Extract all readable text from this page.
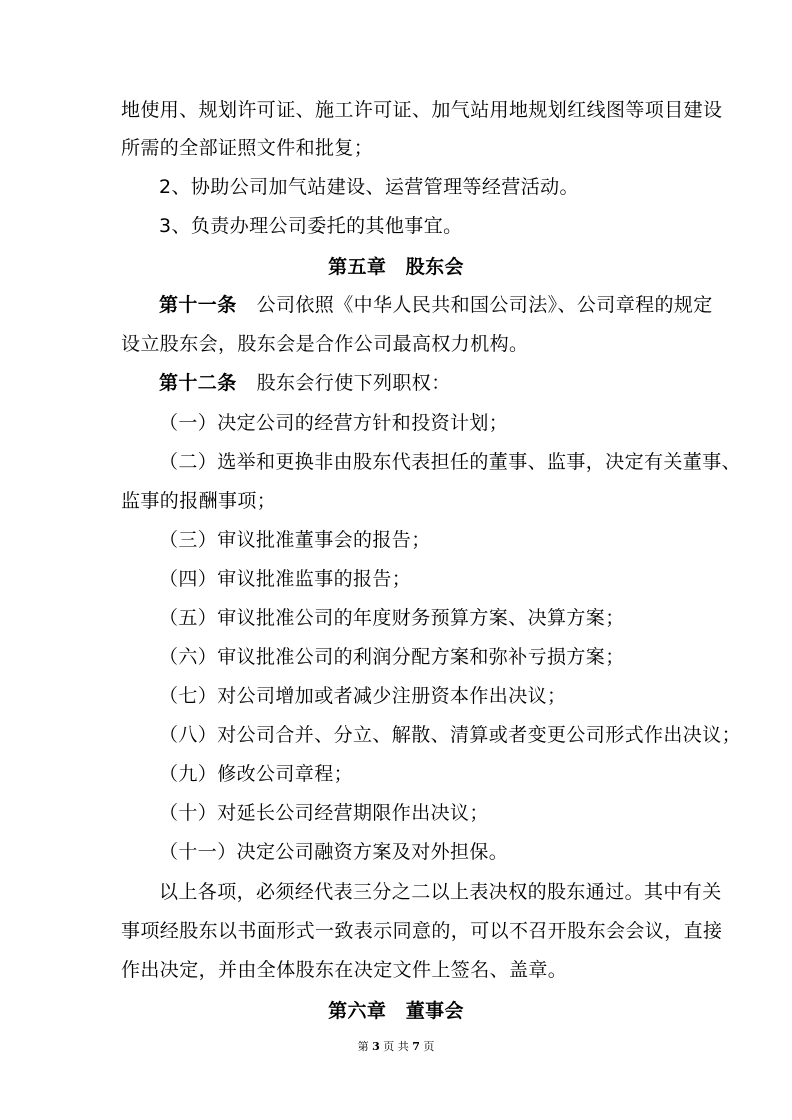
地使用、规划许可证、施工许可证、加气站用地规划红线图等项目建设
所需的全部证照文件和批复；
2、协助公司加气站建设、运营管理等经营活动。
3、负责办理公司委托的其他事宜。
第五章　股东会
第十一条 公司依照《中华人民共和国公司法》、公司章程的规定
设立股东会，股东会是合作公司最高权力机构。
第十二条 股东会行使下列职权：
（一）决定公司的经营方针和投资计划；
（二）选举和更换非由股东代表担任的董事、监事，决定有关董事、
监事的报酬事项；
（三）审议批准董事会的报告；
（四）审议批准监事的报告；
（五）审议批准公司的年度财务预算方案、决算方案；
（六）审议批准公司的利润分配方案和弥补亏损方案；
（七）对公司增加或者减少注册资本作出决议；
（八）对公司合并、分立、解散、清算或者变更公司形式作出决议；
（九）修改公司章程；
（十）对延长公司经营期限作出决议；
（十一）决定公司融资方案及对外担保。
以上各项，必须经代表三分之二以上表决权的股东通过。其中有关
事项经股东以书面形式一致表示同意的，可以不召开股东会会议，直接
作出决定，并由全体股东在决定文件上签名、盖章。
第六章　董事会
第 3 页 共 7 页
